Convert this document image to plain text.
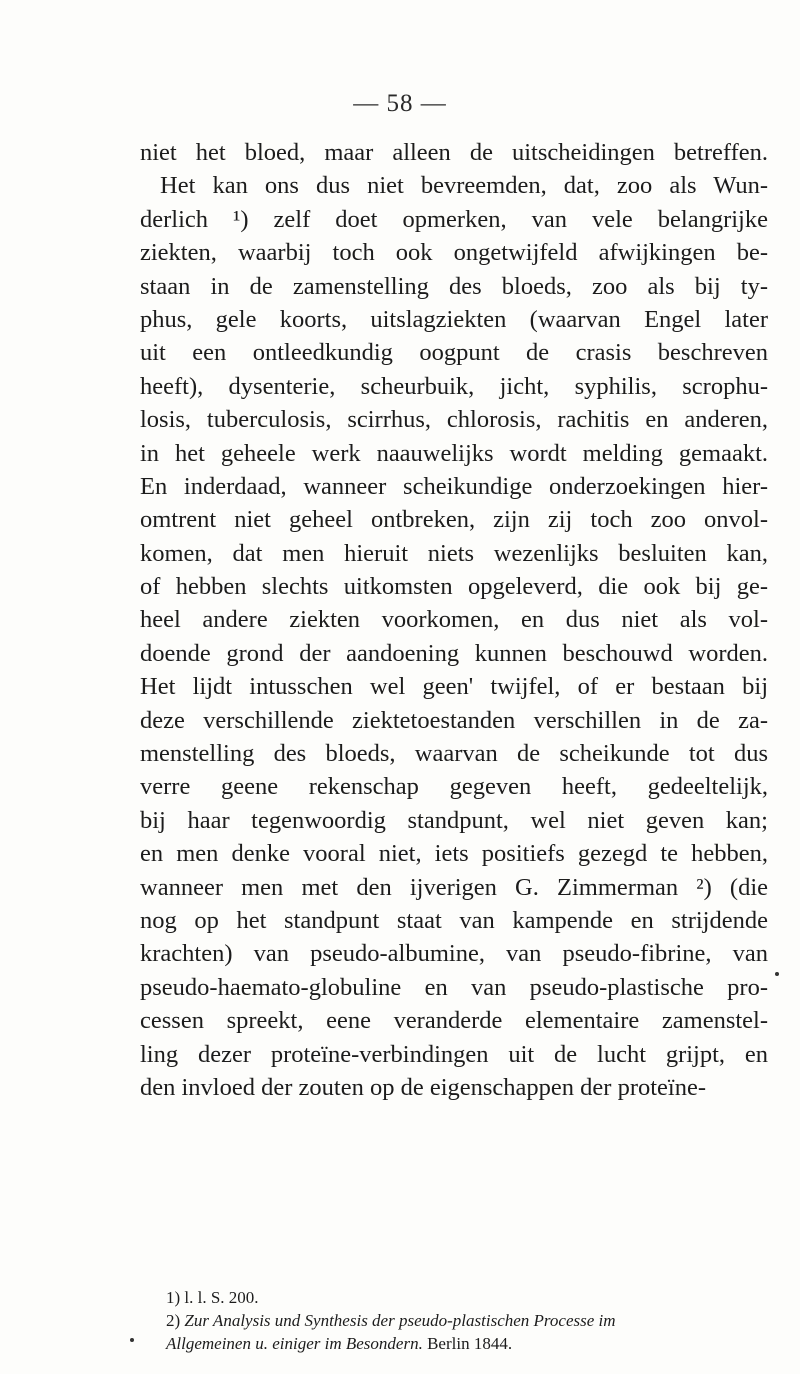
— 58 —
niet het bloed, maar alleen de uitscheidingen betreffen.
Het kan ons dus niet bevreemden, dat, zoo als Wun-
derlich ¹) zelf doet opmerken, van vele belangrijke
ziekten, waarbij toch ook ongetwijfeld afwijkingen be-
staan in de zamenstelling des bloeds, zoo als bij ty-
phus, gele koorts, uitslagziekten (waarvan Engel later
uit een ontleedkundig oogpunt de crasis beschreven
heeft), dysenterie, scheurbuik, jicht, syphilis, scrophu-
losis, tuberculosis, scirrhus, chlorosis, rachitis en anderen,
in het geheele werk naauwelijks wordt melding gemaakt.
En inderdaad, wanneer scheikundige onderzoekingen hier-
omtrent niet geheel ontbreken, zijn zij toch zoo onvol-
komen, dat men hieruit niets wezenlijks besluiten kan,
of hebben slechts uitkomsten opgeleverd, die ook bij ge-
heel andere ziekten voorkomen, en dus niet als vol-
doende grond der aandoening kunnen beschouwd worden.
Het lijdt intusschen wel geen' twijfel, of er bestaan bij
deze verschillende ziektetoestanden verschillen in de za-
menstelling des bloeds, waarvan de scheikunde tot dus
verre geene rekenschap gegeven heeft, gedeeltelijk,
bij haar tegenwoordig standpunt, wel niet geven kan;
en men denke vooral niet, iets positiefs gezegd te hebben,
wanneer men met den ijverigen G. Zimmerman ²) (die
nog op het standpunt staat van kampende en strijdende
krachten) van pseudo-albumine, van pseudo-fibrine, van
pseudo-haemato-globuline en van pseudo-plastische pro-
cessen spreekt, eene veranderde elementaire zamenstel-
ling dezer proteïne-verbindingen uit de lucht grijpt, en
den invloed der zouten op de eigenschappen der proteïne-
1) l. l. S. 200.
2) Zur Analysis und Synthesis der pseudo-plastischen Processe im
Allgemeinen u. einiger im Besondern. Berlin 1844.
